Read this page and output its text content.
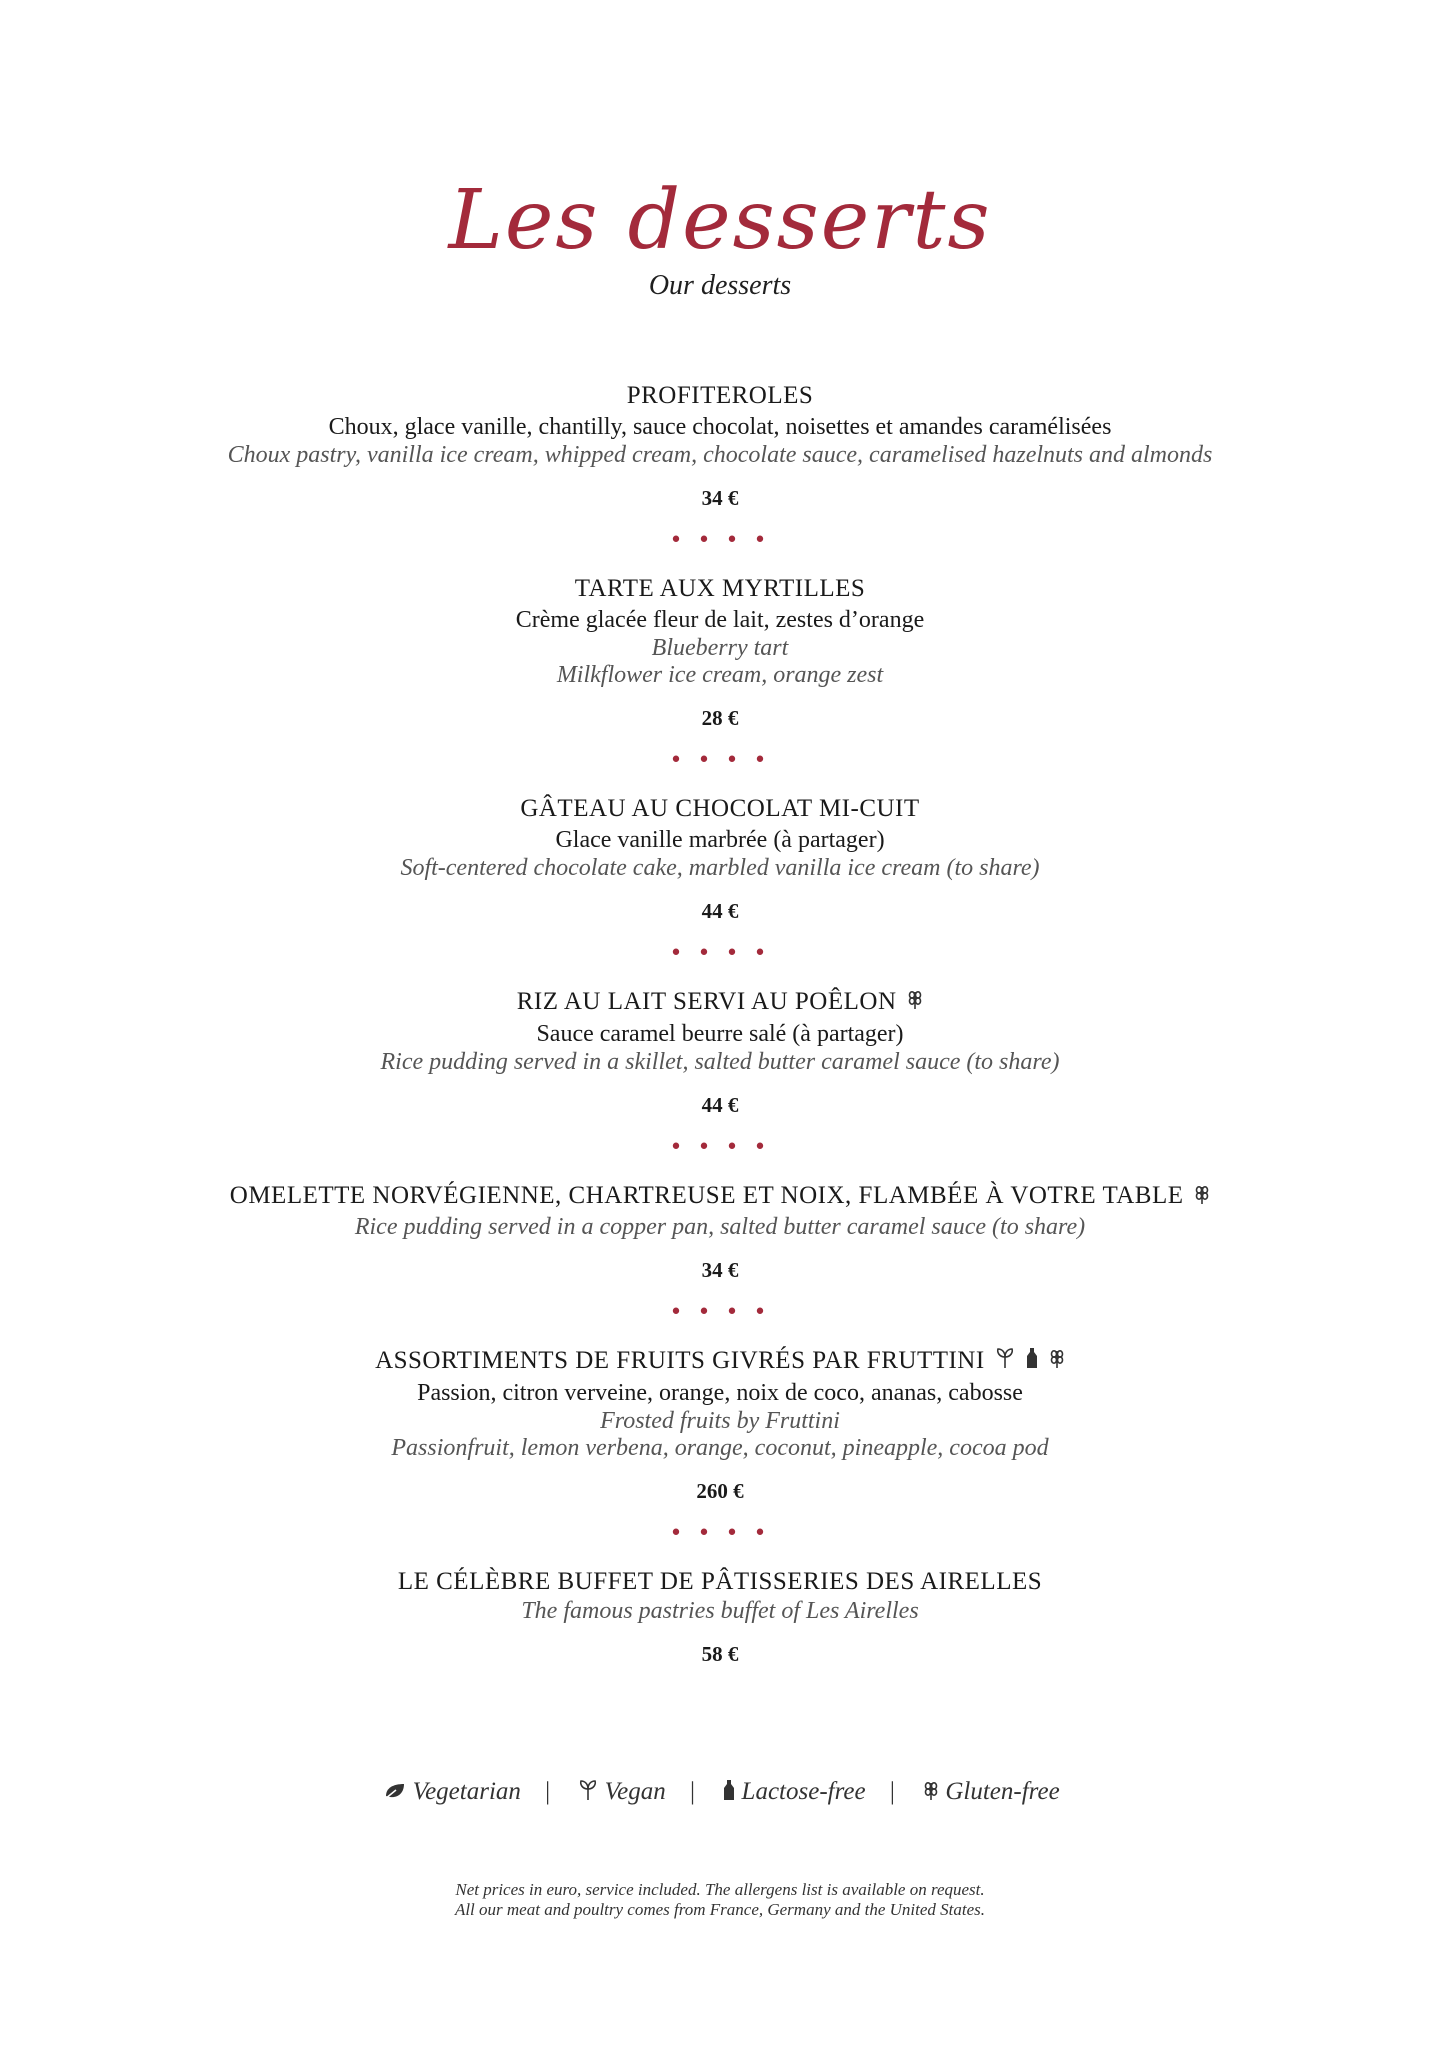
Les desserts
Our desserts
PROFITEROLES
Choux, glace vanille, chantilly, sauce chocolat, noisettes et amandes caramélisées
Choux pastry, vanilla ice cream, whipped cream, chocolate sauce, caramelised hazelnuts and almonds
34 €
• • • •
TARTE AUX MYRTILLES
Crème glacée fleur de lait, zestes d’orange
Blueberry tart
Milkflower ice cream, orange zest
28 €
• • • •
GÂTEAU AU CHOCOLAT MI-CUIT
Glace vanille marbrée (à partager)
Soft-centered chocolate cake, marbled vanilla ice cream (to share)
44 €
• • • •
RIZ AU LAIT SERVI AU POÊLON
Sauce caramel beurre salé (à partager)
Rice pudding served in a skillet, salted butter caramel sauce (to share)
44 €
• • • •
OMELETTE NORVÉGIENNE, CHARTREUSE ET NOIX, FLAMBÉE À VOTRE TABLE
Rice pudding served in a copper pan, salted butter caramel sauce (to share)
34 €
• • • •
ASSORTIMENTS DE FRUITS GIVRÉS PAR FRUTTINI
Passion, citron verveine, orange, noix de coco, ananas, cabosse
Frosted fruits by Fruttini
Passionfruit, lemon verbena, orange, coconut, pineapple, cocoa pod
260 €
• • • •
LE CÉLÈBRE BUFFET DE PÂTISSERIES DES AIRELLES
The famous pastries buffet of Les Airelles
58 €
Vegetarian | Vegan | Lactose-free | Gluten-free
Net prices in euro, service included. The allergens list is available on request.
All our meat and poultry comes from France, Germany and the United States.
